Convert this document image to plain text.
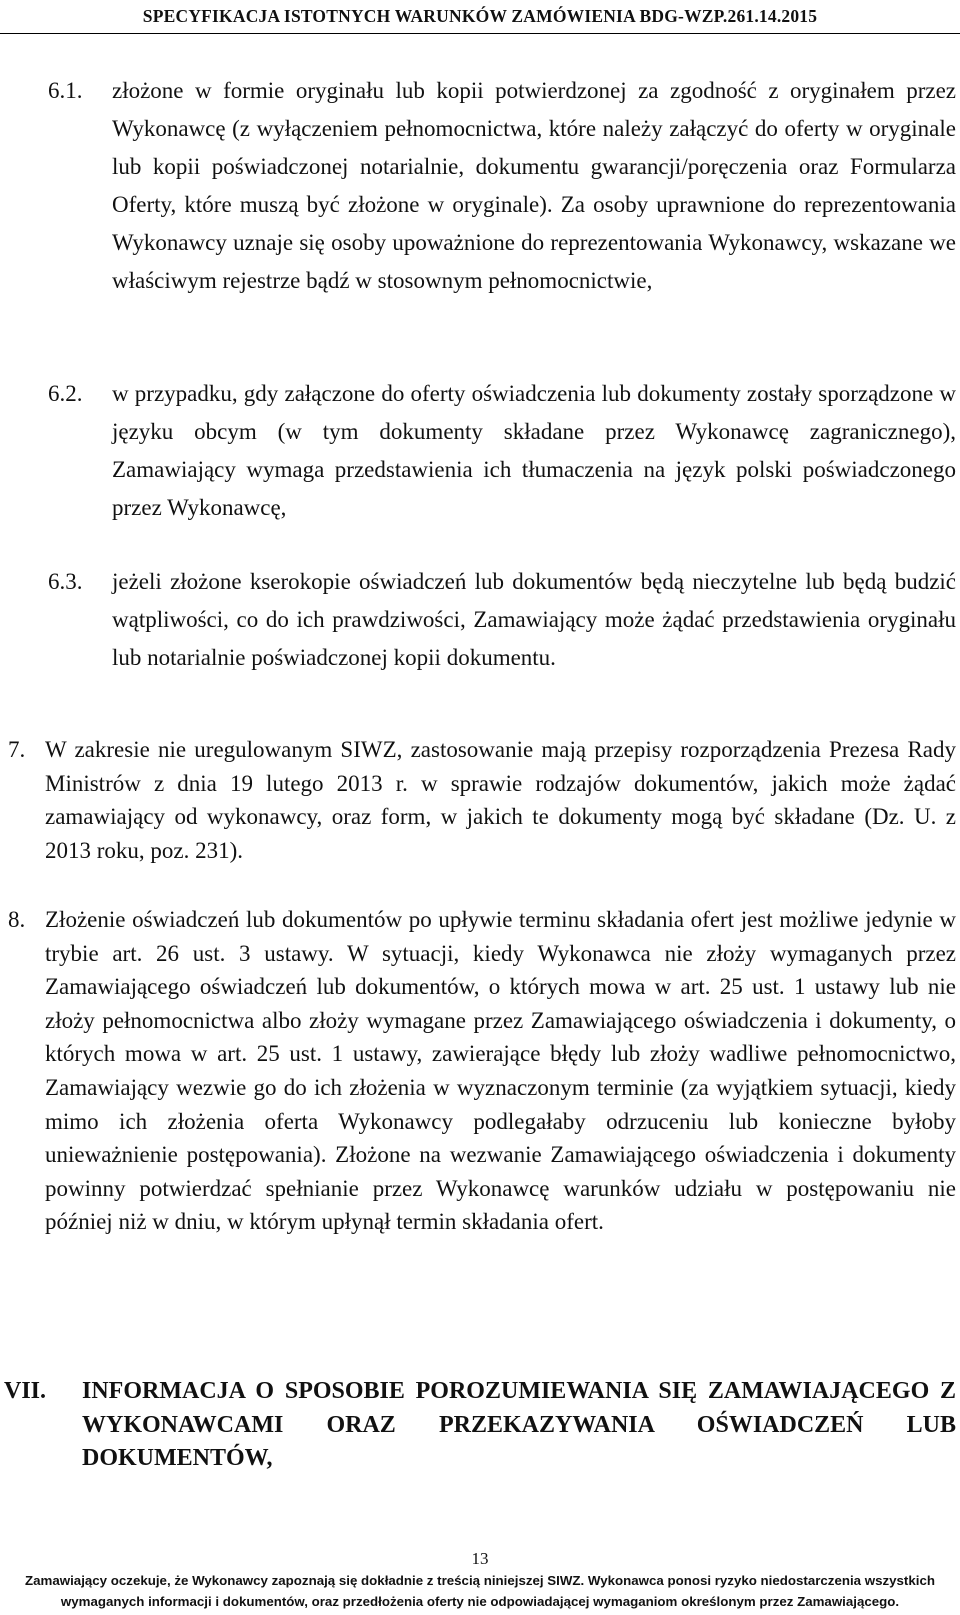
SPECYFIKACJA ISTOTNYCH WARUNKÓW ZAMÓWIENIA BDG-WZP.261.14.2015
6.1. złożone w formie oryginału lub kopii potwierdzonej za zgodność z oryginałem przez Wykonawcę (z wyłączeniem pełnomocnictwa, które należy załączyć do oferty w oryginale lub kopii poświadczonej notarialnie, dokumentu gwarancji/poręczenia oraz Formularza Oferty, które muszą być złożone w oryginale). Za osoby uprawnione do reprezentowania Wykonawcy uznaje się osoby upoważnione do reprezentowania Wykonawcy, wskazane we właściwym rejestrze bądź w stosownym pełnomocnictwie,
6.2. w przypadku, gdy załączone do oferty oświadczenia lub dokumenty zostały sporządzone w języku obcym (w tym dokumenty składane przez Wykonawcę zagranicznego), Zamawiający wymaga przedstawienia ich tłumaczenia na język polski poświadczonego przez Wykonawcę,
6.3. jeżeli złożone kserokopie oświadczeń lub dokumentów będą nieczytelne lub będą budzić wątpliwości, co do ich prawdziwości, Zamawiający może żądać przedstawienia oryginału lub notarialnie poświadczonej kopii dokumentu.
7. W zakresie nie uregulowanym SIWZ, zastosowanie mają przepisy rozporządzenia Prezesa Rady Ministrów z dnia 19 lutego 2013 r. w sprawie rodzajów dokumentów, jakich może żądać zamawiający od wykonawcy, oraz form, w jakich te dokumenty mogą być składane (Dz. U. z 2013 roku, poz. 231).
8. Złożenie oświadczeń lub dokumentów po upływie terminu składania ofert jest możliwe jedynie w trybie art. 26 ust. 3 ustawy. W sytuacji, kiedy Wykonawca nie złoży wymaganych przez Zamawiającego oświadczeń lub dokumentów, o których mowa w art. 25 ust. 1 ustawy lub nie złoży pełnomocnictwa albo złoży wymagane przez Zamawiającego oświadczenia i dokumenty, o których mowa w art. 25 ust. 1 ustawy, zawierające błędy lub złoży wadliwe pełnomocnictwo, Zamawiający wezwie go do ich złożenia w wyznaczonym terminie (za wyjątkiem sytuacji, kiedy mimo ich złożenia oferta Wykonawcy podlegałaby odrzuceniu lub konieczne byłoby unieważnienie postępowania). Złożone na wezwanie Zamawiającego oświadczenia i dokumenty powinny potwierdzać spełnianie przez Wykonawcę warunków udziału w postępowaniu nie później niż w dniu, w którym upłynął termin składania ofert.
VII. INFORMACJA O SPOSOBIE POROZUMIEWANIA SIĘ ZAMAWIAJĄCEGO Z WYKONAWCAMI ORAZ PRZEKAZYWANIA OŚWIADCZEŃ LUB DOKUMENTÓW,
13
Zamawiający oczekuje, że Wykonawcy zapoznają się dokładnie z treścią niniejszej SIWZ. Wykonawca ponosi ryzyko niedostarczenia wszystkich
wymaganych informacji i dokumentów, oraz przedłożenia oferty nie odpowiadającej wymaganiom określonym przez Zamawiającego.
